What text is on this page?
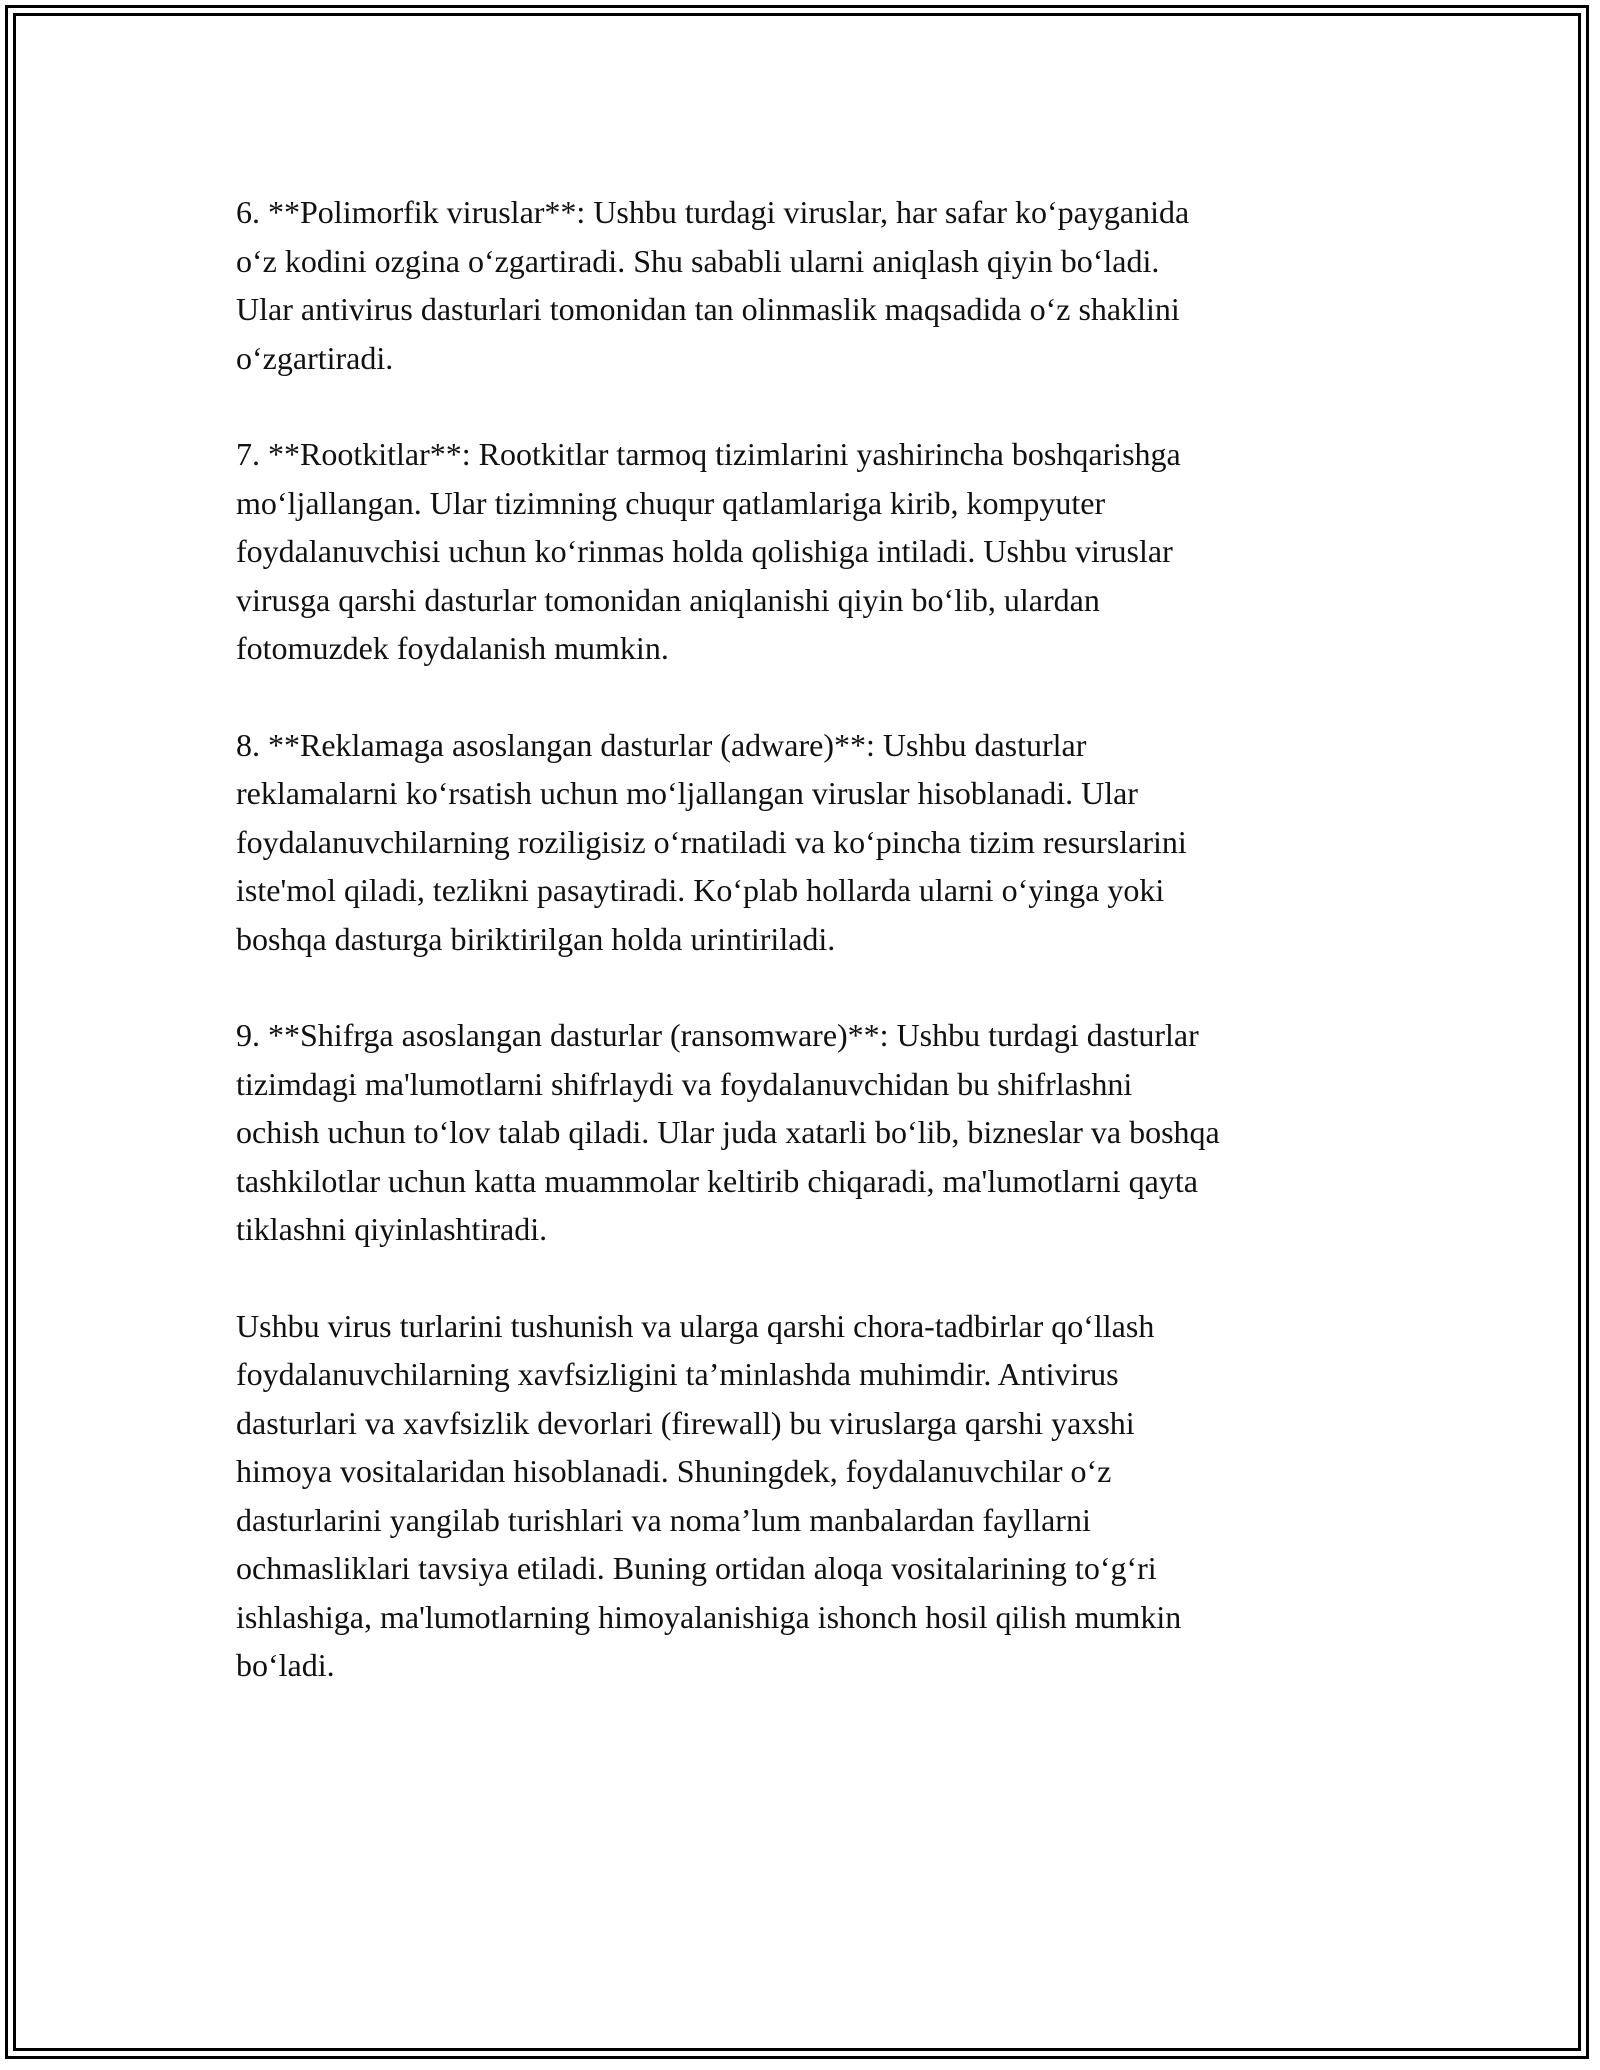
6. **Polimorfik viruslar**: Ushbu turdagi viruslar, har safar ko‘payganida
o‘z kodini ozgina o‘zgartiradi. Shu sababli ularni aniqlash qiyin bo‘ladi.
Ular antivirus dasturlari tomonidan tan olinmaslik maqsadida o‘z shaklini
o‘zgartiradi.

7. **Rootkitlar**: Rootkitlar tarmoq tizimlarini yashirincha boshqarishga
mo‘ljallangan. Ular tizimning chuqur qatlamlariga kirib, kompyuter
foydalanuvchisi uchun ko‘rinmas holda qolishiga intiladi. Ushbu viruslar
virusga qarshi dasturlar tomonidan aniqlanishi qiyin bo‘lib, ulardan
fotomuzdek foydalanish mumkin.

8. **Reklamaga asoslangan dasturlar (adware)**: Ushbu dasturlar
reklamalarni ko‘rsatish uchun mo‘ljallangan viruslar hisoblanadi. Ular
foydalanuvchilarning roziligisiz o‘rnatiladi va ko‘pincha tizim resurslarini
iste'mol qiladi, tezlikni pasaytiradi. Ko‘plab hollarda ularni o‘yinga yoki
boshqa dasturga biriktirilgan holda urintiriladi.

9. **Shifrga asoslangan dasturlar (ransomware)**: Ushbu turdagi dasturlar
tizimdagi ma'lumotlarni shifrlaydi va foydalanuvchidan bu shifrlashni
ochish uchun to‘lov talab qiladi. Ular juda xatarli bo‘lib, bizneslar va boshqa
tashkilotlar uchun katta muammolar keltirib chiqaradi, ma'lumotlarni qayta
tiklashni qiyinlashtiradi.

Ushbu virus turlarini tushunish va ularga qarshi chora-tadbirlar qo‘llash
foydalanuvchilarning xavfsizligini ta’minlashda muhimdir. Antivirus
dasturlari va xavfsizlik devorlari (firewall) bu viruslarga qarshi yaxshi
himoya vositalaridan hisoblanadi. Shuningdek, foydalanuvchilar o‘z
dasturlarini yangilab turishlari va noma’lum manbalardan fayllarni
ochmasliklari tavsiya etiladi. Buning ortidan aloqa vositalarining to‘g‘ri
ishlashiga, ma'lumotlarning himoyalanishiga ishonch hosil qilish mumkin
bo‘ladi.
